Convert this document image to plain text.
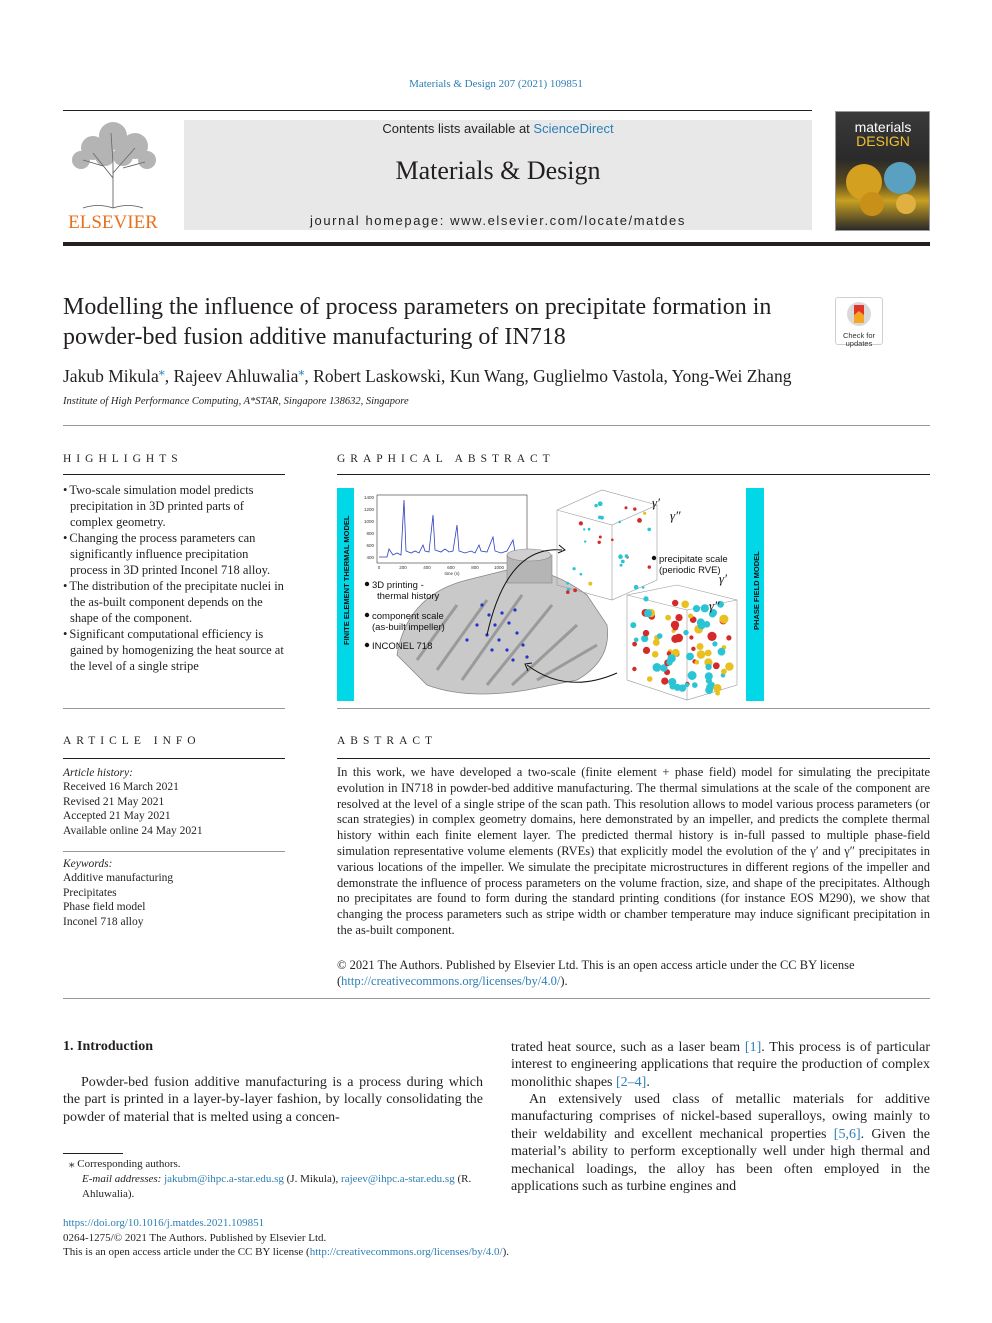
Materials & Design 207 (2021) 109851
ELSEVIER
Contents lists available at ScienceDirect
Materials & Design
journal homepage: www.elsevier.com/locate/matdes
materials
DESIGN
Modelling the influence of process parameters on precipitate formation in powder-bed fusion additive manufacturing of IN718	Check for
updates
Jakub Mikula⁎, Rajeev Ahluwalia⁎, Robert Laskowski, Kun Wang, Guglielmo Vastola, Yong-Wei Zhang
Institute of High Performance Computing, A*STAR, Singapore 138632, Singapore
HIGHLIGHTS
• Two-scale simulation model predicts precipitation in 3D printed parts of complex geometry.
• Changing the process parameters can significantly influence precipitation process in 3D printed Inconel 718 alloy.
• The distribution of the precipitate nuclei in the as-built component depends on the shape of the component.
• Significant computational efficiency is gained by homogenizing the heat source at the level of a single stripe
GRAPHICAL ABSTRACT
FINITE ELEMENT THERMAL MODEL	PHASE FIELD MODEL
1400
1200
1000
800
600
400
0	200	400	600	800	1000
time (s)
3D printing -
thermal history
component scale
(as-built impeller)
INCONEL 718
precipitate scale
(periodic RVE)
γ′
γ″
γ′
γ″
ARTICLE INFO
Article history:
Received 16 March 2021
Revised 21 May 2021
Accepted 21 May 2021
Available online 24 May 2021
Keywords:
Additive manufacturing
Precipitates
Phase field model
Inconel 718 alloy
ABSTRACT
In this work, we have developed a two-scale (finite element + phase field) model for simulating the precipitate evolution in IN718 in powder-bed additive manufacturing. The thermal simulations at the scale of the component are resolved at the level of a single stripe of the scan path. This resolution allows to model various process parameters (or scan strategies) in complex geometry domains, here demonstrated by an impeller, and predicts the complete thermal history within each finite element layer. The predicted thermal history is in-full passed to multiple phase-field simulation representative volume elements (RVEs) that explicitly model the evolution of the γ′ and γ″ precipitates in various locations of the impeller. We simulate the precipitate microstructures in different regions of the impeller and demonstrate the influence of process parameters on the volume fraction, size, and shape of the precipitates. Although no precipitates are found to form during the standard printing conditions (for instance EOS M290), we show that changing the process parameters such as stripe width or chamber temperature may induce significant precipitation in the as-built component.
© 2021 The Authors. Published by Elsevier Ltd. This is an open access article under the CC BY license (http://creativecommons.org/licenses/by/4.0/).
1. Introduction
Powder-bed fusion additive manufacturing is a process during which the part is printed in a layer-by-layer fashion, by locally consolidating the powder of material that is melted using a concen-
trated heat source, such as a laser beam [1]. This process is of particular interest to engineering applications that require the production of complex monolithic shapes [2–4].
An extensively used class of metallic materials for additive manufacturing comprises of nickel-based superalloys, owing mainly to their weldability and excellent mechanical properties [5,6]. Given the material’s ability to perform exceptionally well under high thermal and mechanical loadings, the alloy has been often employed in the applications such as turbine engines and
⁎ Corresponding authors.
E-mail addresses: jakubm@ihpc.a-star.edu.sg (J. Mikula), rajeev@ihpc.a-star.edu.sg (R. Ahluwalia).
https://doi.org/10.1016/j.matdes.2021.109851
0264-1275/© 2021 The Authors. Published by Elsevier Ltd.
This is an open access article under the CC BY license (http://creativecommons.org/licenses/by/4.0/).
